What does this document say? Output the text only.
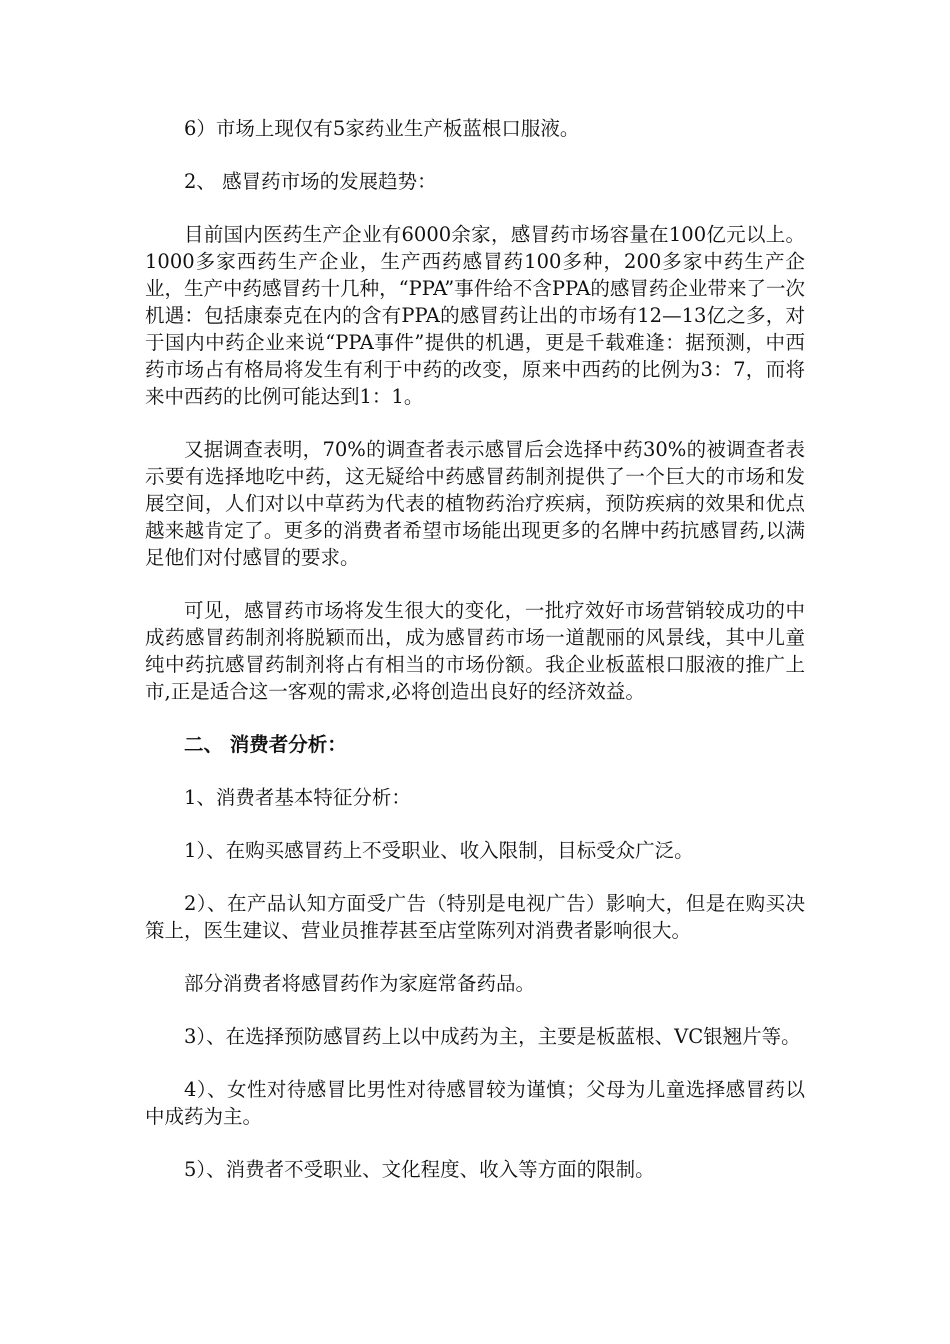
6）市场上现仅有5家药业生产板蓝根口服液。

2、 感冒药市场的发展趋势：

目前国内医药生产企业有6000余家，感冒药市场容量在100亿元以上。1000多家西药生产企业，生产西药感冒药100多种，200多家中药生产企业，生产中药感冒药十几种，“PPA”事件给不含PPA的感冒药企业带来了一次机遇：包括康泰克在内的含有PPA的感冒药让出的市场有12—13亿之多，对于国内中药企业来说“PPA事件”提供的机遇，更是千载难逢：据预测，中西药市场占有格局将发生有利于中药的改变，原来中西药的比例为3：7，而将来中西药的比例可能达到1：1。

又据调查表明，70%的调查者表示感冒后会选择中药30%的被调查者表示要有选择地吃中药，这无疑给中药感冒药制剂提供了一个巨大的市场和发展空间，人们对以中草药为代表的植物药治疗疾病，预防疾病的效果和优点越来越肯定了。更多的消费者希望市场能出现更多的名牌中药抗感冒药,以满足他们对付感冒的要求。

可见，感冒药市场将发生很大的变化，一批疗效好市场营销较成功的中成药感冒药制剂将脱颖而出，成为感冒药市场一道靓丽的风景线，其中儿童纯中药抗感冒药制剂将占有相当的市场份额。我企业板蓝根口服液的推广上市,正是适合这一客观的需求,必将创造出良好的经济效益。

二、 消费者分析：

1、消费者基本特征分析：

1）、在购买感冒药上不受职业、收入限制，目标受众广泛。

2）、在产品认知方面受广告（特别是电视广告）影响大，但是在购买决策上，医生建议、营业员推荐甚至店堂陈列对消费者影响很大。

部分消费者将感冒药作为家庭常备药品。

3）、在选择预防感冒药上以中成药为主，主要是板蓝根、VC银翘片等。

4）、女性对待感冒比男性对待感冒较为谨慎；父母为儿童选择感冒药以中成药为主。

5）、消费者不受职业、文化程度、收入等方面的限制。
